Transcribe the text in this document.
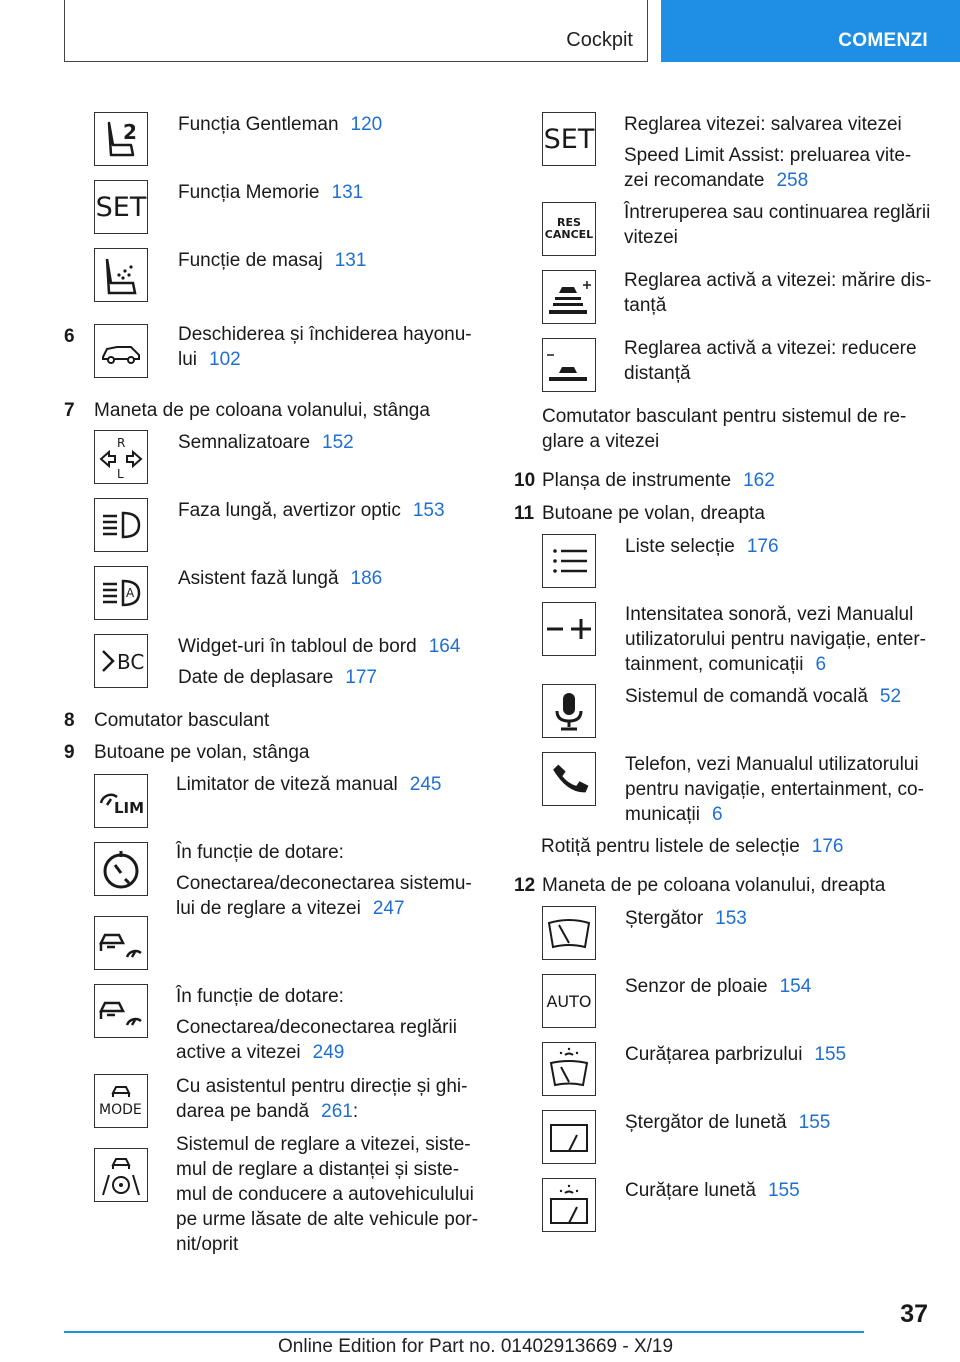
Cockpit	COMENZI
2 Funcția Gentleman 120
SET Funcția Memorie 131
Funcție de masaj 131
6	Deschiderea și închiderea hayonu-
lui 102
7 Maneta de pe coloana volanului, stânga
R
L
Semnalizatoare 152
Faza lungă, avertizor optic 153
A
Asistent fază lungă 186
BC
Widget-uri în tabloul de bord 164
Date de deplasare 177
8 Comutator basculant
9 Butoane pe volan, stânga
LIM
Limitator de viteză manual 245
În funcție de dotare:
Conectarea/deconectarea sistemu-
lui de reglare a vitezei 247
În funcție de dotare:
Conectarea/deconectarea reglării
active a vitezei 249
MODE
Cu asistentul pentru direcție și ghi-
darea pe bandă 261:
Sistemul de reglare a vitezei, siste-
mul de reglare a distanței și siste-
mul de conducere a autovehiculului
pe urme lăsate de alte vehicule por-
nit/oprit
SET Reglarea vitezei: salvarea vitezei
Speed Limit Assist: preluarea vite-
zei recomandate 258
RES
CANCEL
Întreruperea sau continuarea reglării
vitezei
Reglarea activă a vitezei: mărire dis-
tanță
Reglarea activă a vitezei: reducere
distanță
Comutator basculant pentru sistemul de re-
glare a vitezei
10 Planșa de instrumente 162
11 Butoane pe volan, dreapta
Liste selecție 176
Intensitatea sonoră, vezi Manualul
utilizatorului pentru navigație, enter-
tainment, comunicații 6
Sistemul de comandă vocală 52
Telefon, vezi Manualul utilizatorului
pentru navigație, entertainment, co-
municații 6
Rotiță pentru listele de selecție 176
12 Maneta de pe coloana volanului, dreapta
Ștergător 153
AUTO
Senzor de ploaie 154
Curățarea parbrizului 155
Ștergător de lunetă 155
Curățare lunetă 155
37
Online Edition for Part no. 01402913669 - X/19
